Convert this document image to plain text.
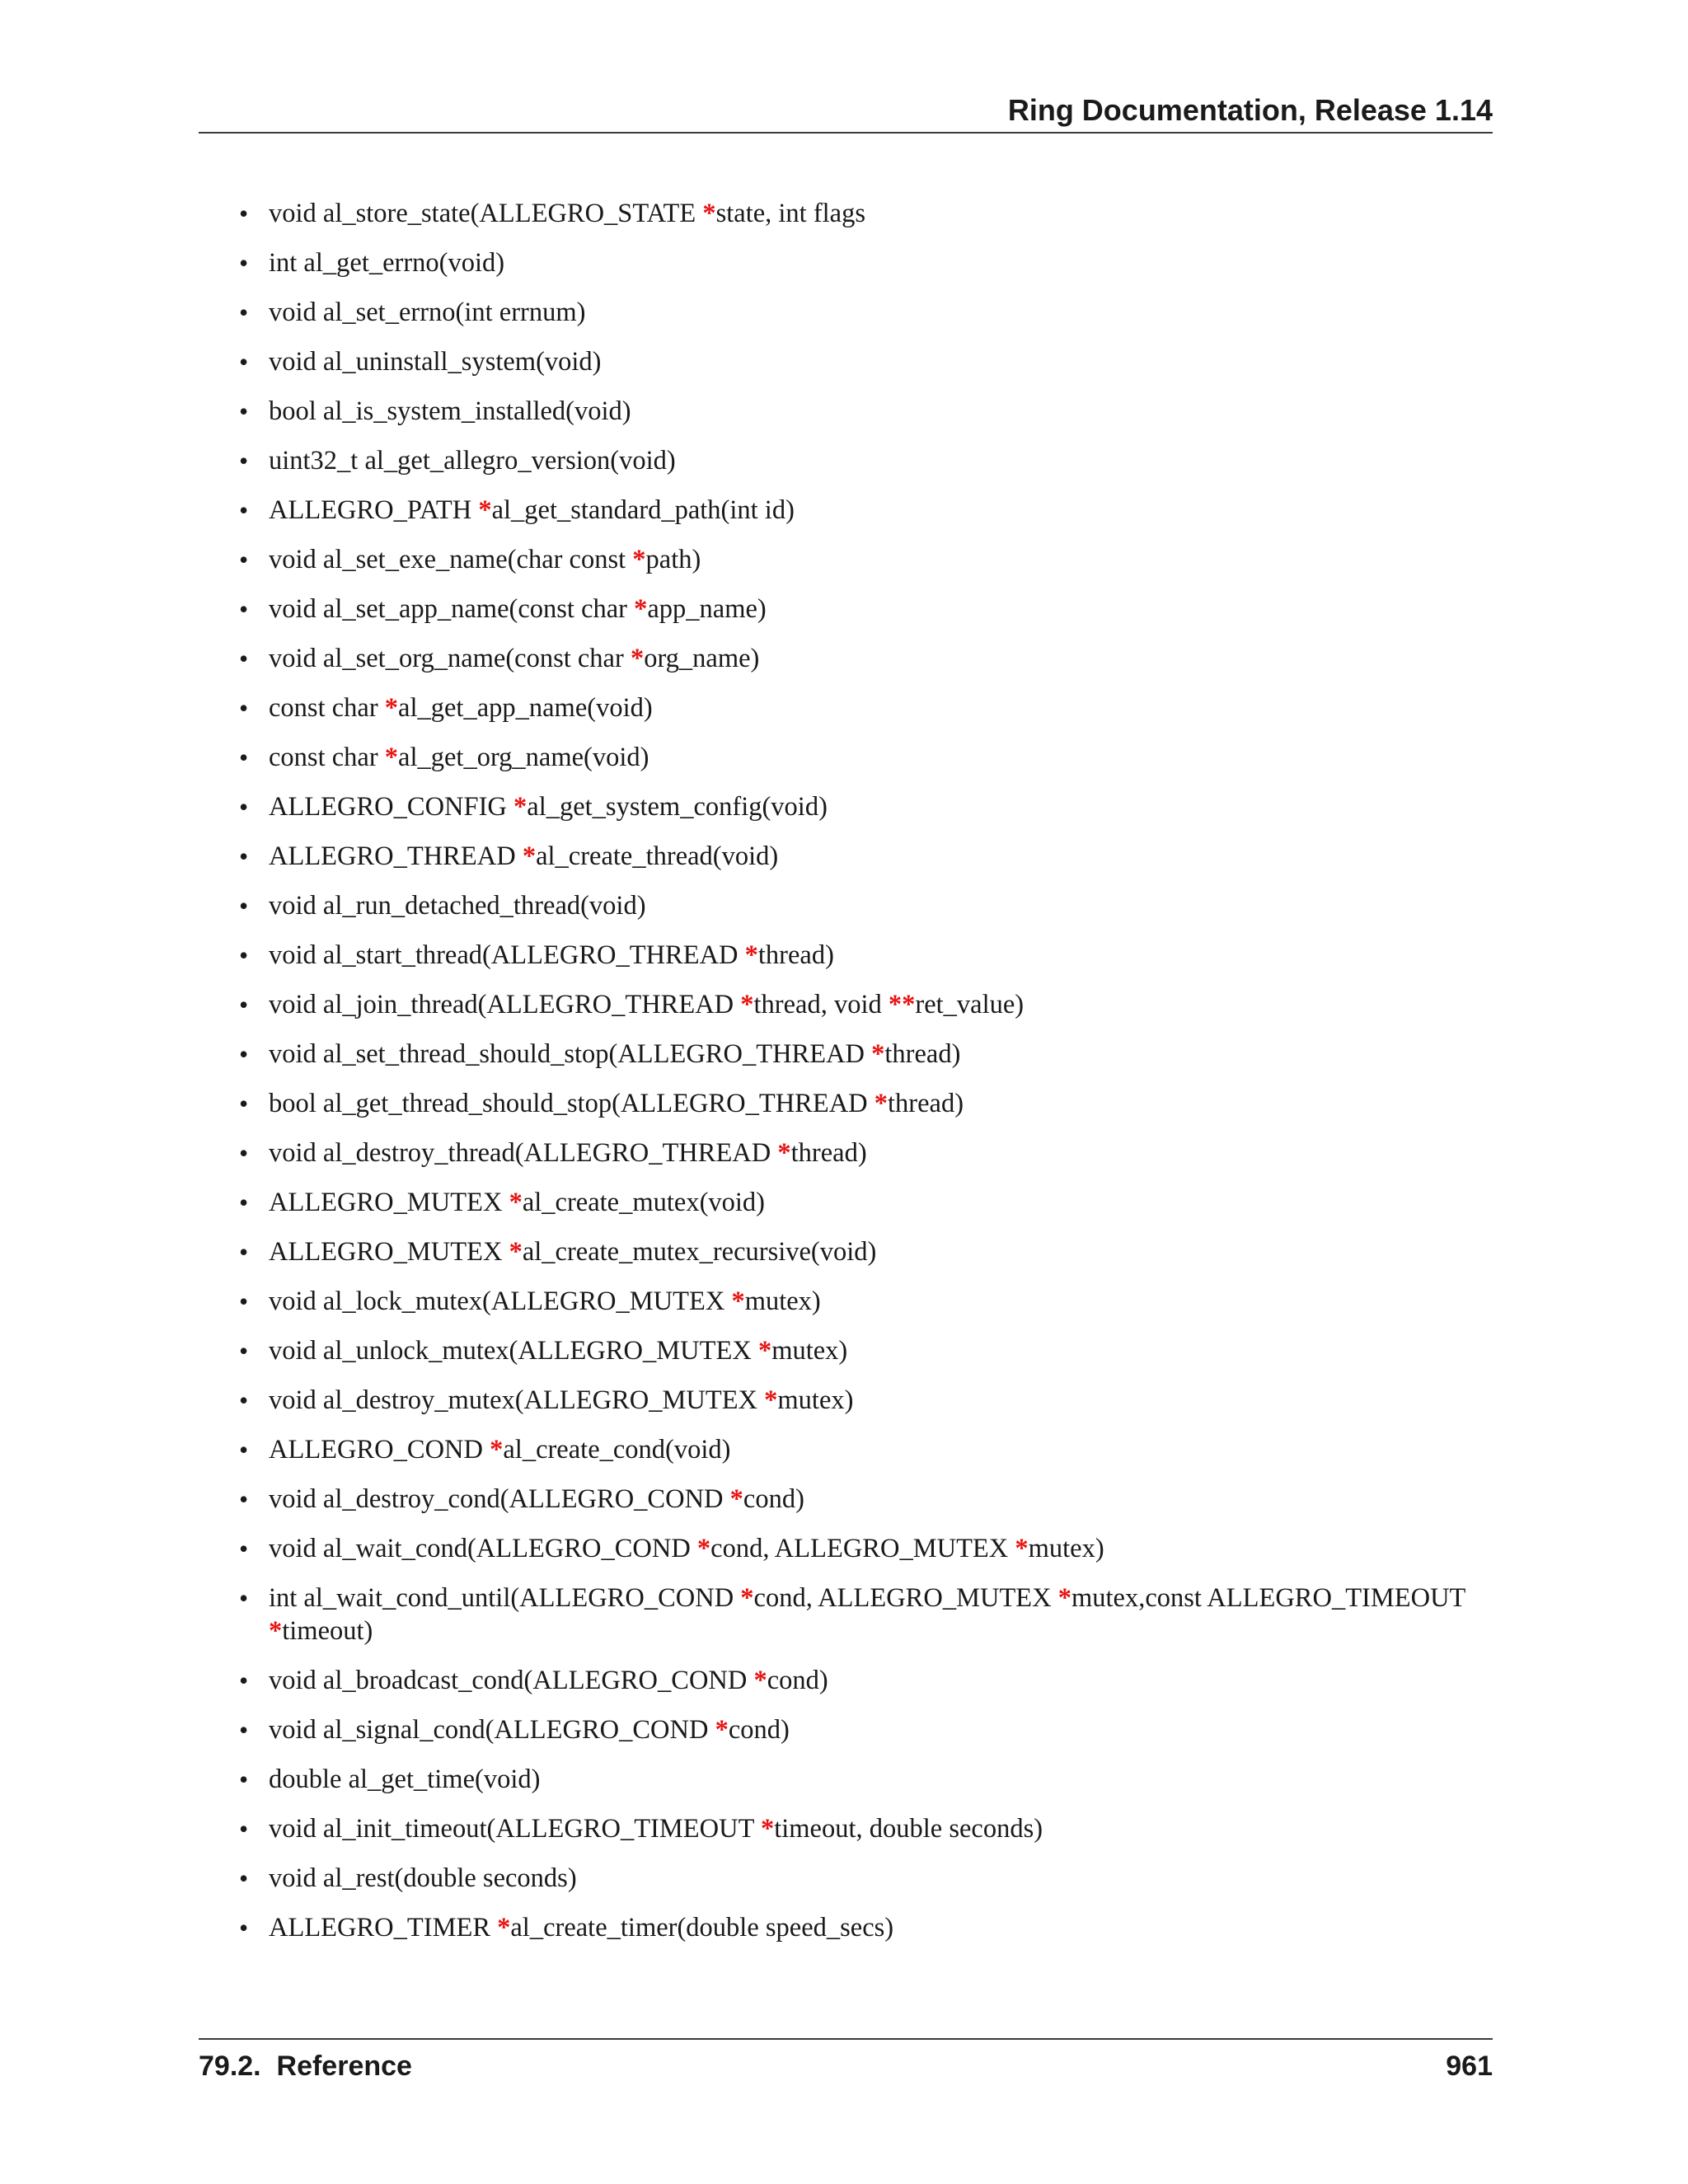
Ring Documentation, Release 1.14
• void al_store_state(ALLEGRO_STATE *state, int flags
• int al_get_errno(void)
• void al_set_errno(int errnum)
• void al_uninstall_system(void)
• bool al_is_system_installed(void)
• uint32_t al_get_allegro_version(void)
• ALLEGRO_PATH *al_get_standard_path(int id)
• void al_set_exe_name(char const *path)
• void al_set_app_name(const char *app_name)
• void al_set_org_name(const char *org_name)
• const char *al_get_app_name(void)
• const char *al_get_org_name(void)
• ALLEGRO_CONFIG *al_get_system_config(void)
• ALLEGRO_THREAD *al_create_thread(void)
• void al_run_detached_thread(void)
• void al_start_thread(ALLEGRO_THREAD *thread)
• void al_join_thread(ALLEGRO_THREAD *thread, void **ret_value)
• void al_set_thread_should_stop(ALLEGRO_THREAD *thread)
• bool al_get_thread_should_stop(ALLEGRO_THREAD *thread)
• void al_destroy_thread(ALLEGRO_THREAD *thread)
• ALLEGRO_MUTEX *al_create_mutex(void)
• ALLEGRO_MUTEX *al_create_mutex_recursive(void)
• void al_lock_mutex(ALLEGRO_MUTEX *mutex)
• void al_unlock_mutex(ALLEGRO_MUTEX *mutex)
• void al_destroy_mutex(ALLEGRO_MUTEX *mutex)
• ALLEGRO_COND *al_create_cond(void)
• void al_destroy_cond(ALLEGRO_COND *cond)
• void al_wait_cond(ALLEGRO_COND *cond, ALLEGRO_MUTEX *mutex)
• int al_wait_cond_until(ALLEGRO_COND *cond, ALLEGRO_MUTEX *mutex,const ALLEGRO_TIMEOUT *timeout)
• void al_broadcast_cond(ALLEGRO_COND *cond)
• void al_signal_cond(ALLEGRO_COND *cond)
• double al_get_time(void)
• void al_init_timeout(ALLEGRO_TIMEOUT *timeout, double seconds)
• void al_rest(double seconds)
• ALLEGRO_TIMER *al_create_timer(double speed_secs)
79.2.  Reference	961
